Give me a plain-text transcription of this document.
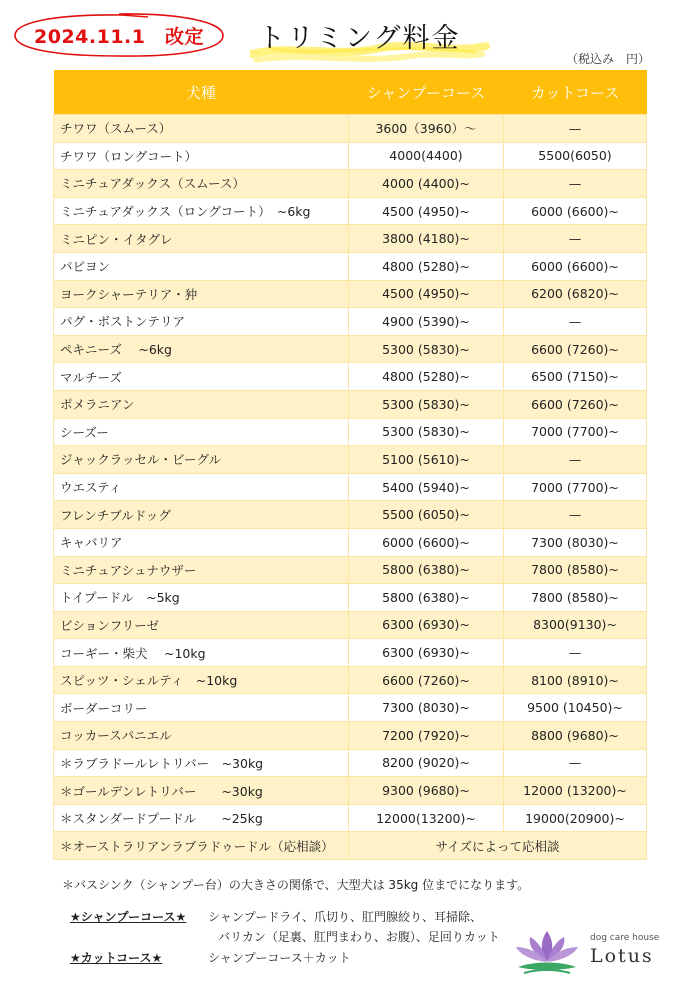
2024.11.1　改定	トリミング料金
（税込み　円）
犬種	シャンプーコース	カットコース
チワワ（スムース）	3600（3960）～	—
チワワ（ロングコート）	4000(4400)	5500(6050)
ミニチュアダックス（スムース）	4000 (4400)~	—
ミニチュアダックス（ロングコート）　~6kg	4500 (4950)~	6000 (6600)~
ミニピン・イタグレ	3800 (4180)~	—
パピヨン	4800 (5280)~	6000 (6600)~
ヨークシャーテリア・狆	4500 (4950)~	6200 (6820)~
パグ・ボストンテリア	4900 (5390)~	—
ペキニーズ　 ~6kg	5300 (5830)~	6600 (7260)~
マルチーズ	4800 (5280)~	6500 (7150)~
ポメラニアン	5300 (5830)~	6600 (7260)~
シーズー	5300 (5830)~	7000 (7700)~
ジャックラッセル・ビーグル	5100 (5610)~	—
ウエスティ	5400 (5940)~	7000 (7700)~
フレンチブルドッグ	5500 (6050)~	—
キャバリア	6000 (6600)~	7300 (8030)~
ミニチュアシュナウザー	5800 (6380)~	7800 (8580)~
トイプードル　~5kg	5800 (6380)~	7800 (8580)~
ビションフリーゼ	6300 (6930)~	8300(9130)~
コーギー・柴犬　 ~10kg	6300 (6930)~	—
スピッツ・シェルティ　~10kg	6600 (7260)~	8100 (8910)~
ボーダーコリー	7300 (8030)~	9500 (10450)~
コッカースパニエル	7200 (7920)~	8800 (9680)~
＊ラブラドールレトリバー　~30kg	8200 (9020)~	—
＊ゴールデンレトリバー　　~30kg	9300 (9680)~	12000 (13200)~
＊スタンダードプードル　　~25kg	12000(13200)~	19000(20900)~
＊オーストラリアンラブラドゥードル（応相談）	サイズによって応相談	
＊バスシンク（シャンプー台）の大きさの関係で、大型犬は 35kg 位までになります。
★シャンプーコース★ シャンプードライ、爪切り、肛門腺絞り、耳掃除、
バリカン（足裏、肛門まわり、お腹）、足回りカット
★カットコース★	シャンプーコース＋カット
dog care house
Lotus
